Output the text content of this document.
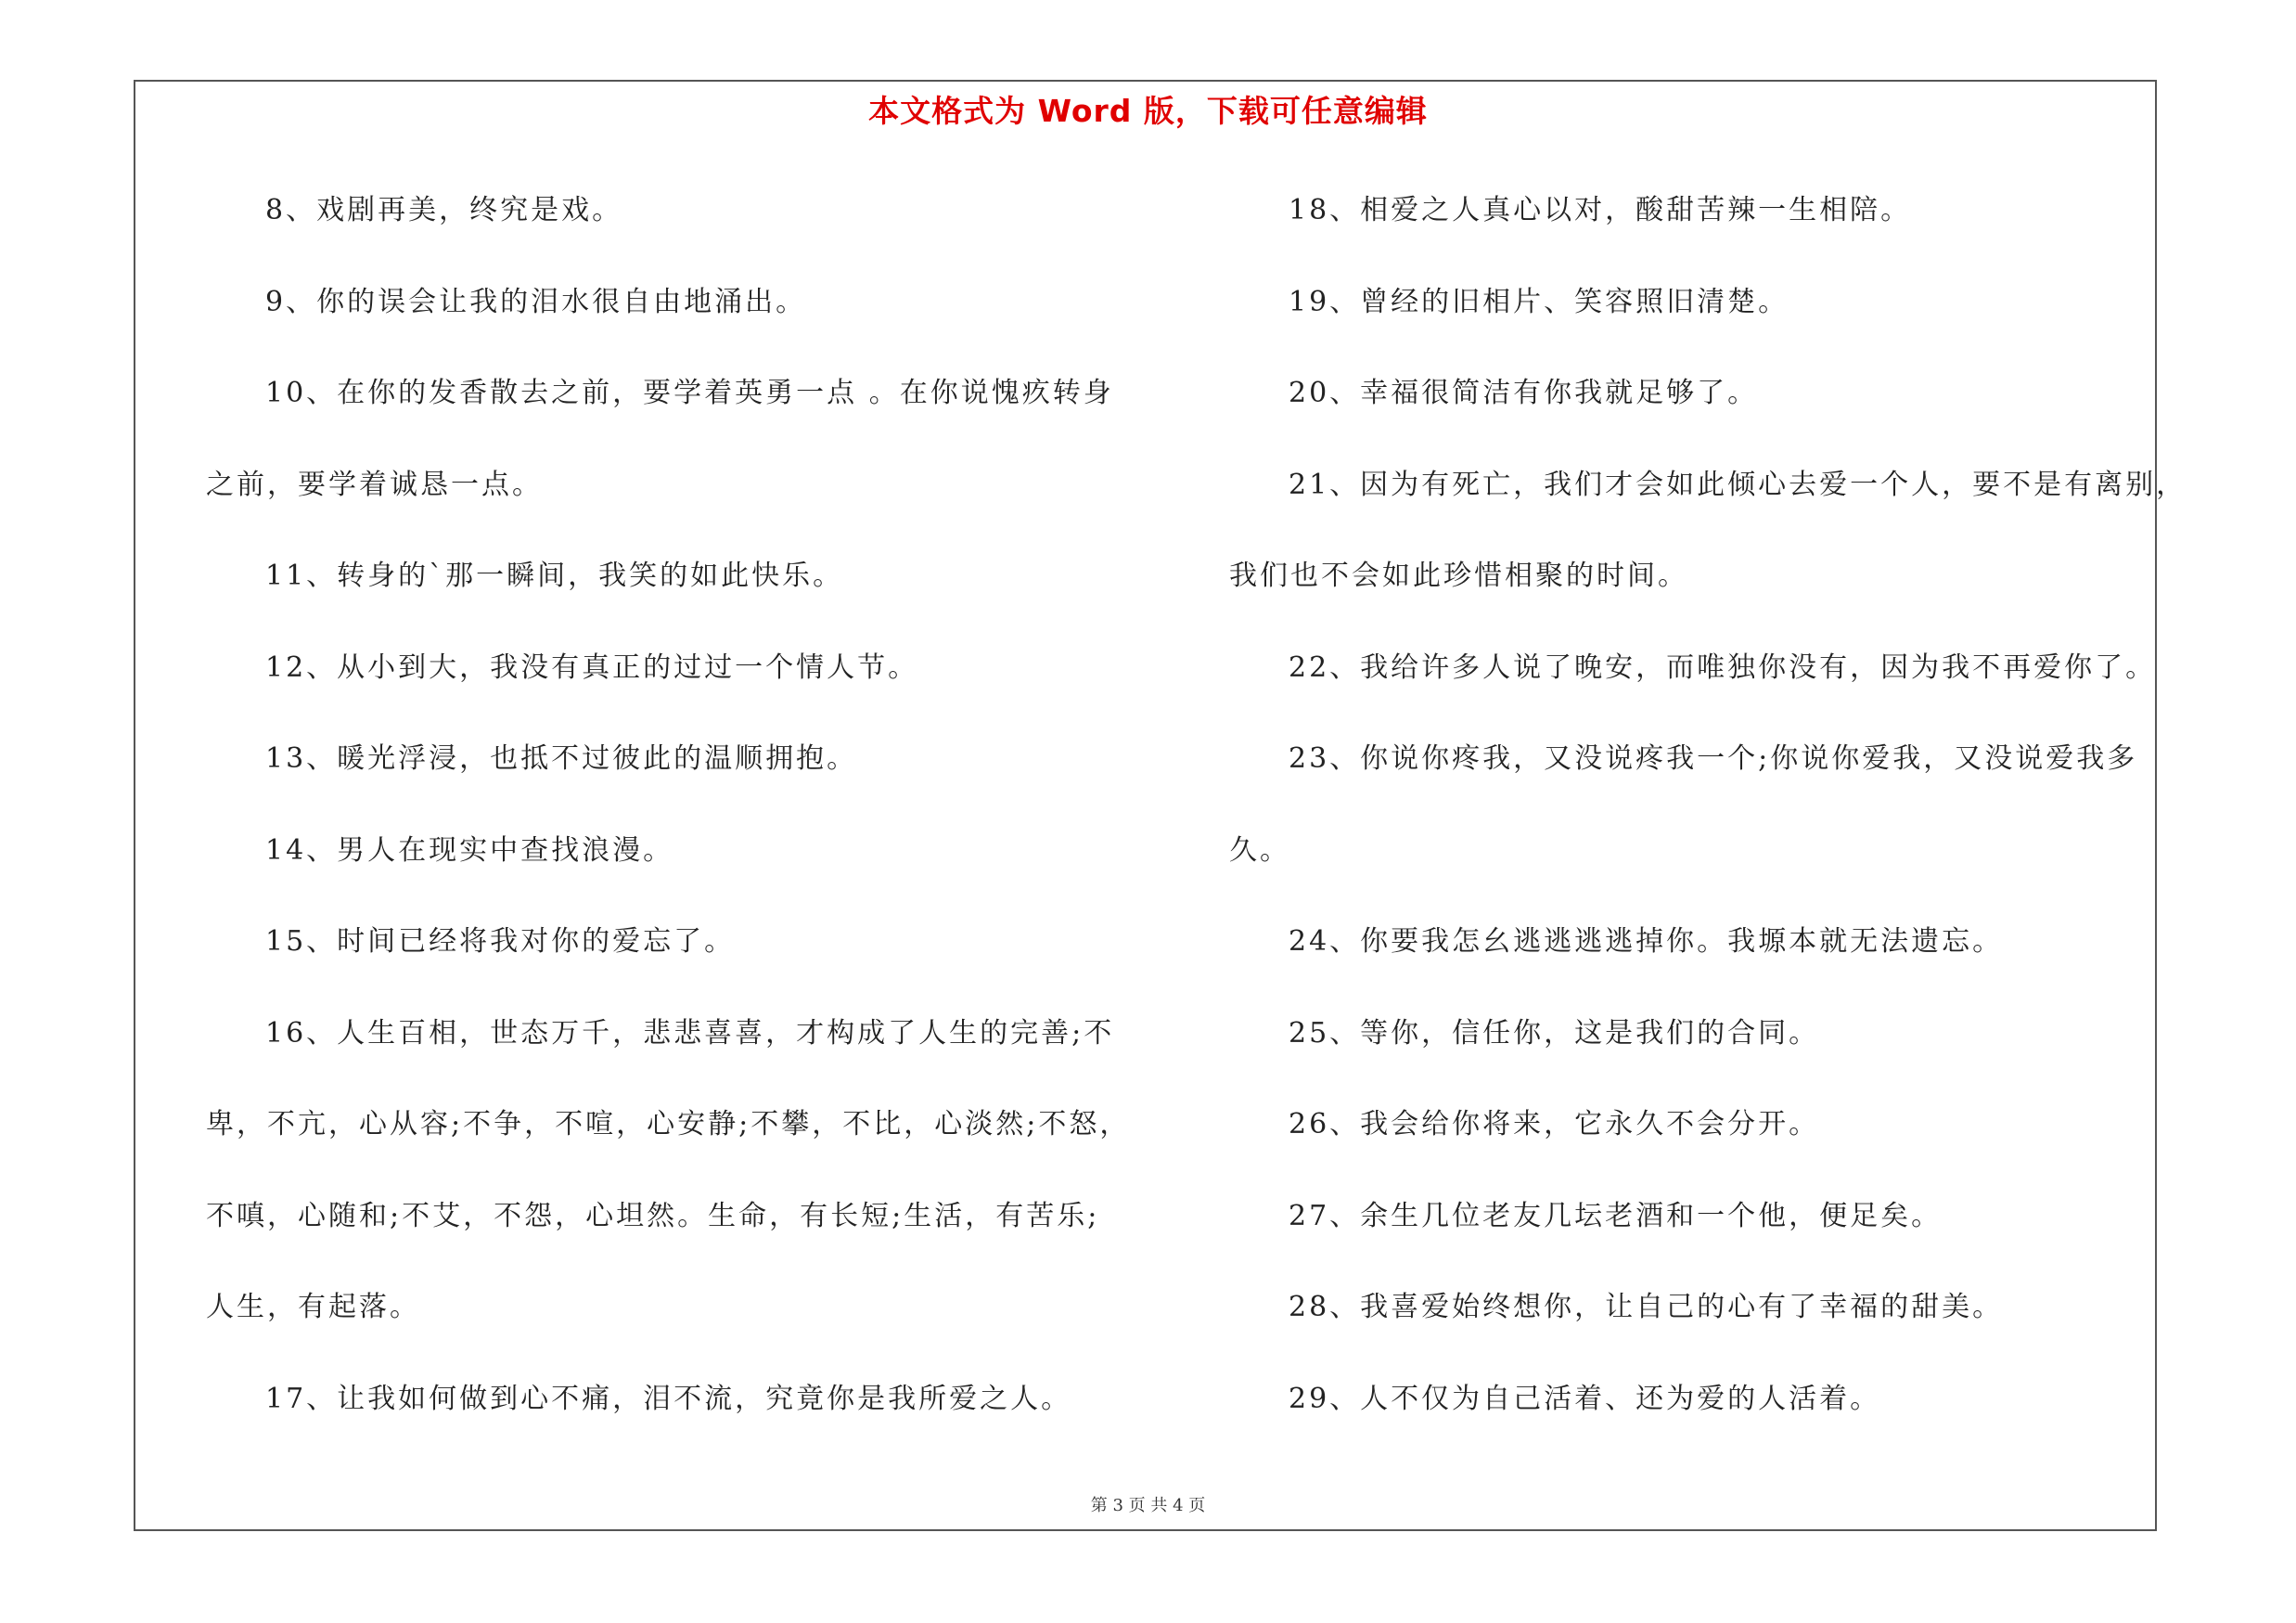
本文格式为 Word 版，下载可任意编辑
8、戏剧再美，终究是戏。
9、你的误会让我的泪水很自由地涌出。
10、在你的发香散去之前，要学着英勇一点 。在你说愧疚转身
之前，要学着诚恳一点。
11、转身的`那一瞬间，我笑的如此快乐。
12、从小到大，我没有真正的过过一个情人节。
13、暖光浮浸，也抵不过彼此的温顺拥抱。
14、男人在现实中查找浪漫。
15、时间已经将我对你的爱忘了。
16、人生百相，世态万千，悲悲喜喜，才构成了人生的完善;不
卑，不亢，心从容;不争，不喧，心安静;不攀，不比，心淡然;不怒，
不嗔，心随和;不艾，不怨，心坦然。生命，有长短;生活，有苦乐;
人生，有起落。
17、让我如何做到心不痛，泪不流，究竟你是我所爱之人。
18、相爱之人真心以对，酸甜苦辣一生相陪。
19、曾经的旧相片、笑容照旧清楚。
20、幸福很简洁有你我就足够了。
21、因为有死亡，我们才会如此倾心去爱一个人，要不是有离别，
我们也不会如此珍惜相聚的时间。
22、我给许多人说了晚安，而唯独你没有，因为我不再爱你了。
23、你说你疼我，又没说疼我一个;你说你爱我，又没说爱我多
久。
24、你要我怎幺逃逃逃逃掉你。我塬本就无法遗忘。
25、等你，信任你，这是我们的合同。
26、我会给你将来，它永久不会分开。
27、余生几位老友几坛老酒和一个他，便足矣。
28、我喜爱始终想你，让自己的心有了幸福的甜美。
29、人不仅为自己活着、还为爱的人活着。
第 3 页 共 4 页
